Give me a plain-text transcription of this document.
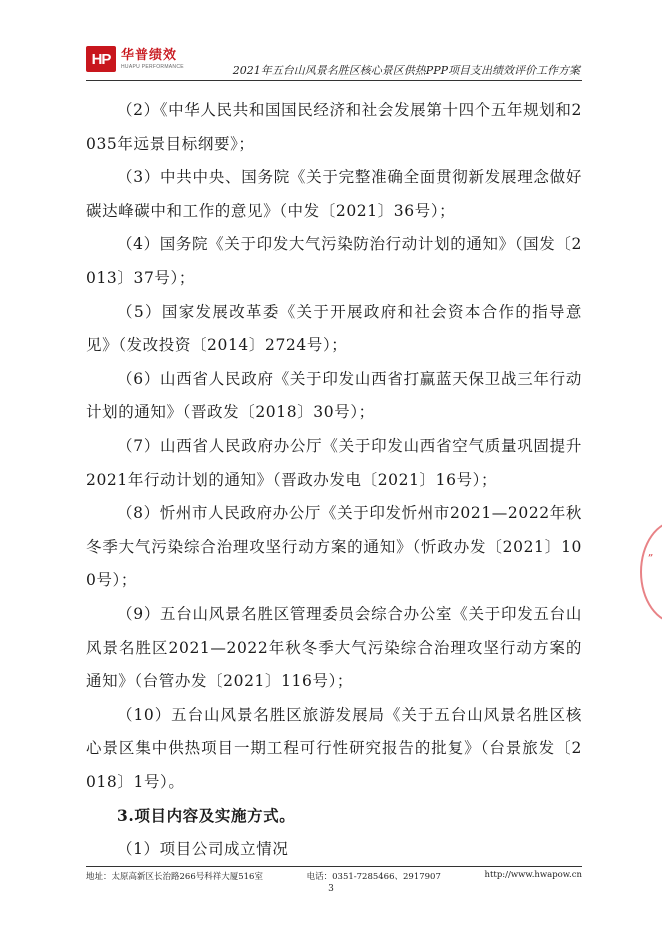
HP 华普绩效
HUAPU PERFORMANCE	2021年五台山风景名胜区核心景区供热PPP项目支出绩效评价工作方案

（2）《中华人民共和国国民经济和社会发展第十四个五年规划和2035年远景目标纲要》；

（3）中共中央、国务院《关于完整准确全面贯彻新发展理念做好碳达峰碳中和工作的意见》（中发〔2021〕36号）；

（4）国务院《关于印发大气污染防治行动计划的通知》（国发〔2013〕37号）；

（5）国家发展改革委《关于开展政府和社会资本合作的指导意见》（发改投资〔2014〕2724号）；

（6）山西省人民政府《关于印发山西省打赢蓝天保卫战三年行动计划的通知》（晋政发〔2018〕30号）；

（7）山西省人民政府办公厅《关于印发山西省空气质量巩固提升2021年行动计划的通知》（晋政办发电〔2021〕16号）；

（8）忻州市人民政府办公厅《关于印发忻州市2021—2022年秋冬季大气污染综合治理攻坚行动方案的通知》（忻政办发〔2021〕100号）；

（9）五台山风景名胜区管理委员会综合办公室《关于印发五台山风景名胜区2021—2022年秋冬季大气污染综合治理攻坚行动方案的通知》（台管办发〔2021〕116号）；

（10）五台山风景名胜区旅游发展局《关于五台山风景名胜区核心景区集中供热项目一期工程可行性研究报告的批复》（台景旅发〔2018〕1号）。

3.项目内容及实施方式。

（1）项目公司成立情况

地址：太原高新区长治路266号科祥大厦516室	电话：0351-7285466、2917907	http://www.hwapow.cn
3
”
